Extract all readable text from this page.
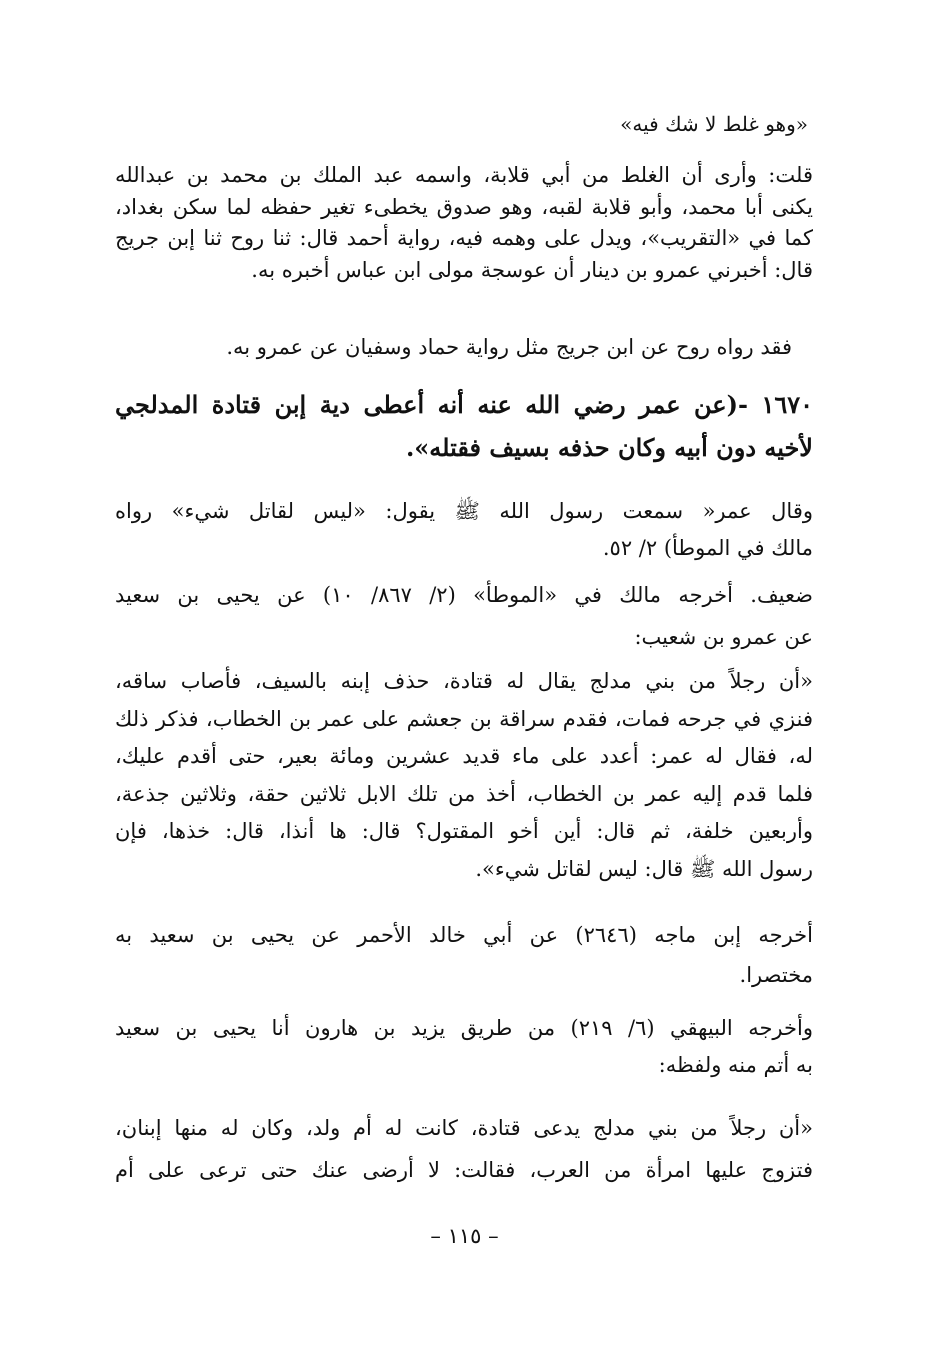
«وهو غلط لا شك فيه»
قلت: وأرى أن الغلط من أبي قلابة، واسمه عبد الملك بن محمد بن عبدالله
يكنى أبا محمد، وأبو قلابة لقبه، وهو صدوق يخطىء تغير حفظه لما سكن بغداد،
كما في «التقريب»، ويدل على وهمه فيه، رواية أحمد قال: ثنا روح ثنا إبن جريج
قال: أخبرني عمرو بن دينار أن عوسجة مولى ابن عباس أخبره به.
فقد رواه روح عن ابن جريج مثل رواية حماد وسفيان عن عمرو به.
١٦٧٠ -(عن عمر رضي الله عنه أنه أعطى دية إبن قتادة المدلجي
لأخيه دون أبيه وكان حذفه بسيف فقتله».
وقال عمر« سمعت رسول الله ﷺ يقول: «ليس لقاتل شيء» رواه
مالك في الموطأ) ٢/ ٥٢.
ضعيف. أخرجه مالك في «الموطأ» (٢/ ٨٦٧/ ١٠) عن يحيى بن سعيد
عن عمرو بن شعيب:
«أن رجلاً من بني مدلج يقال له قتادة، حذف إبنه بالسيف، فأصاب ساقه،
فنزي في جرحه فمات، فقدم سراقة بن جعشم على عمر بن الخطاب، فذكر ذلك
له، فقال له عمر: أعدد على ماء قديد عشرين ومائة بعير، حتى أقدم عليك،
فلما قدم إليه عمر بن الخطاب، أخذ من تلك الابل ثلاثين حقة، وثلاثين جذعة،
وأربعين خلفة، ثم قال: أين أخو المقتول؟ قال: ها أنذا، قال: خذها، فإن
رسول الله ﷺ قال: ليس لقاتل شيء».
أخرجه إبن ماجه (٢٦٤٦) عن أبي خالد الأحمر عن يحيى بن سعيد به
مختصرا.
وأخرجه البيهقي (٦/ ٢١٩) من طريق يزيد بن هارون أنا يحيى بن سعيد
به أتم منه ولفظه:
«أن رجلاً من بني مدلج يدعى قتادة، كانت له أم ولد، وكان له منها إبنان،
فتزوج عليها امرأة من العرب، فقالت: لا أرضى عنك حتى ترعى على أم
– ١١٥ –
